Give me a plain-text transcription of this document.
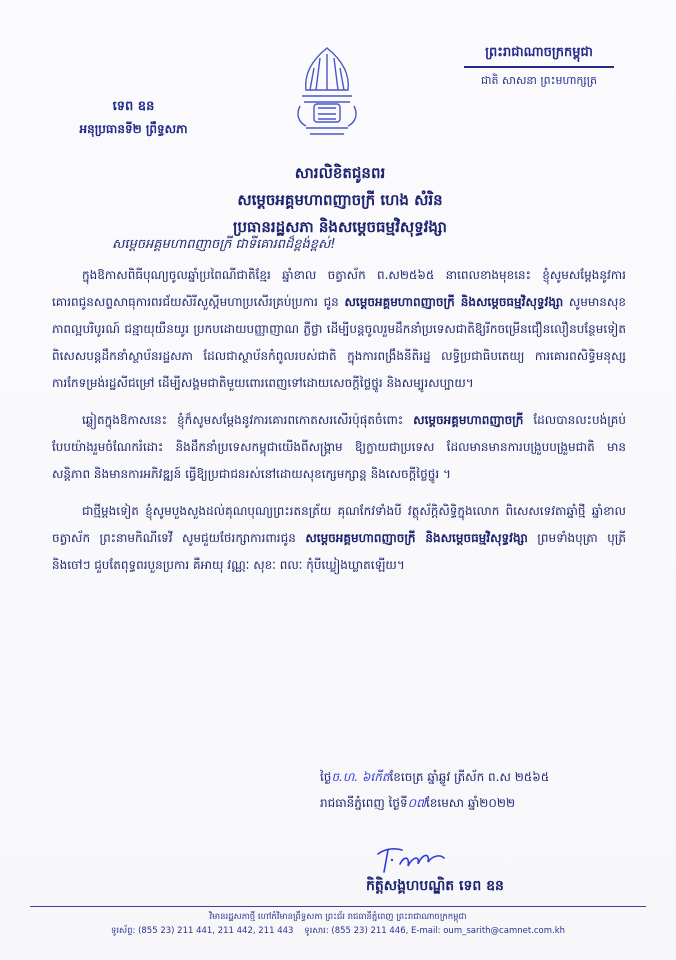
ព្រះរាជាណាចក្រកម្ពុជា
ជាតិ សាសនា ព្រះមហាក្សត្រ
ទេព ឧន
អនុប្រធានទី២ ព្រឹទ្ធសភា
សារលិខិតជូនពរ
សម្តេចអគ្គមហាពញាចក្រី ហេង សំរិន
ប្រធានរដ្ឋសភា និងសម្តេចធម្មវិសុទ្ធវង្សា
សម្តេចអគ្គមហាពញាចក្រី ជាទីគោរពដ៏ខ្ពង់ខ្ពស់!

ក្នុងឱកាសពិធីបុណ្យចូលឆ្នាំប្រពៃណីជាតិខ្មែរ ឆ្នាំខាល ចត្វាស័ក ព.ស២៥៦៥ នាពេលខាងមុខនេះ ខ្ញុំសូមសម្តែងនូវការគោរពជូនសព្ទសាធុការពរជ័យសិរីសួស្តីមហាប្រសើរគ្រប់ប្រការ ជូន សម្តេចអគ្គមហាពញាចក្រី និងសម្តេចធម្មវិសុទ្ធវង្សា សូមមានសុខភាពល្អបរិបូរណ៍ ជន្មាយុយឺនយូរ ប្រកបដោយបញ្ញាញាណ ភ្លឺថ្លា ដើម្បីបន្តចូលរួមដឹកនាំប្រទេសជាតិឱ្យរីកចម្រើនជឿនលឿនបន្ថែមទៀត ពិសេសបន្តដឹកនាំស្ថាប័នរដ្ឋសភា ដែលជាស្ថាប័នកំពូលរបស់ជាតិ ក្នុងការពង្រឹងនីតិរដ្ឋ លទ្ធិប្រជាធិបតេយ្យ ការគោរពសិទ្ធិមនុស្ស ការកែទម្រង់រដ្ឋសីជម្រៅ ដើម្បីសង្គមជាតិមួយពោរពេញទៅដោយសេចក្តីថ្លៃថ្នូរ និងសម្បូរសប្បាយ។

ឆ្លៀតក្នុងឱកាសនេះ ខ្ញុំក៏សូមសម្តែងនូវការគោរពកោតសរសើរប៉ុផុតចំពោះ សម្តេចអគ្គមហាពញាចក្រី ដែលបានលះបង់គ្រប់បែបយ៉ាងរួមចំណែករំដោះ និងដឹកនាំប្រទេសកម្ពុជាយើងពីសង្គ្រាម ឱ្យក្លាយជាប្រទេស ដែលមានមានការបង្រួបបង្រួមជាតិ មានសន្តិភាព និងមានការអភិវឌ្ឍន៍ ធ្វើឱ្យប្រជាជនរស់នៅដោយសុខក្សេមក្សាន្ត និងសេចក្តីថ្លៃថ្នូរ ។

ជាថ្មីម្តងទៀត ខ្ញុំសូមបួងសួងដល់គុណបុណ្យព្រះរតនត្រ័យ គុណកែវទាំងបី វត្ថុស័ក្តិសិទ្ធិក្នុងលោក ពិសេសទេវតាឆ្នាំថ្មី ឆ្នាំខាល ចត្វាស័ក ព្រះនាមកិណីទេវី សូមជួយថែរក្សាការពារជូន សម្តេចអគ្គមហាពញាចក្រី និងសម្តេចធម្មវិសុទ្ធវង្សា ព្រមទាំងបុត្រា បុត្រី និងចៅៗ ជួបតែពុទ្ធពរបួនប្រការ គឺអាយុ វណ្ណៈ សុខៈ ពលៈ កុំបីឃ្លៀងឃ្លាតឡើយ។

ថ្ងៃច.ហ. ៦កើតខែចេត្រ ឆ្នាំឆ្លូវ ត្រីស័ក ព.ស ២៥៦៥
រាជធានីភ្នំពេញ ថ្ងៃទី០៧ខែមេសា ឆ្នាំ២០២២
កិត្តិសង្គហបណ្ឌិត ទេព ឧន
វិមានរដ្ឋសភាថ្មី ហៅកំវិមានព្រឹទ្ធសភា ព្រះជ័រ រាជធានីភ្នំពេញ ព្រះរាជាណាចក្រកម្ពុជា
ទូរស័ព្ទ: (855 23) 211 441, 211 442, 211 443 ទូរសារ: (855 23) 211 446, E-mail: oum_sarith@camnet.com.kh
